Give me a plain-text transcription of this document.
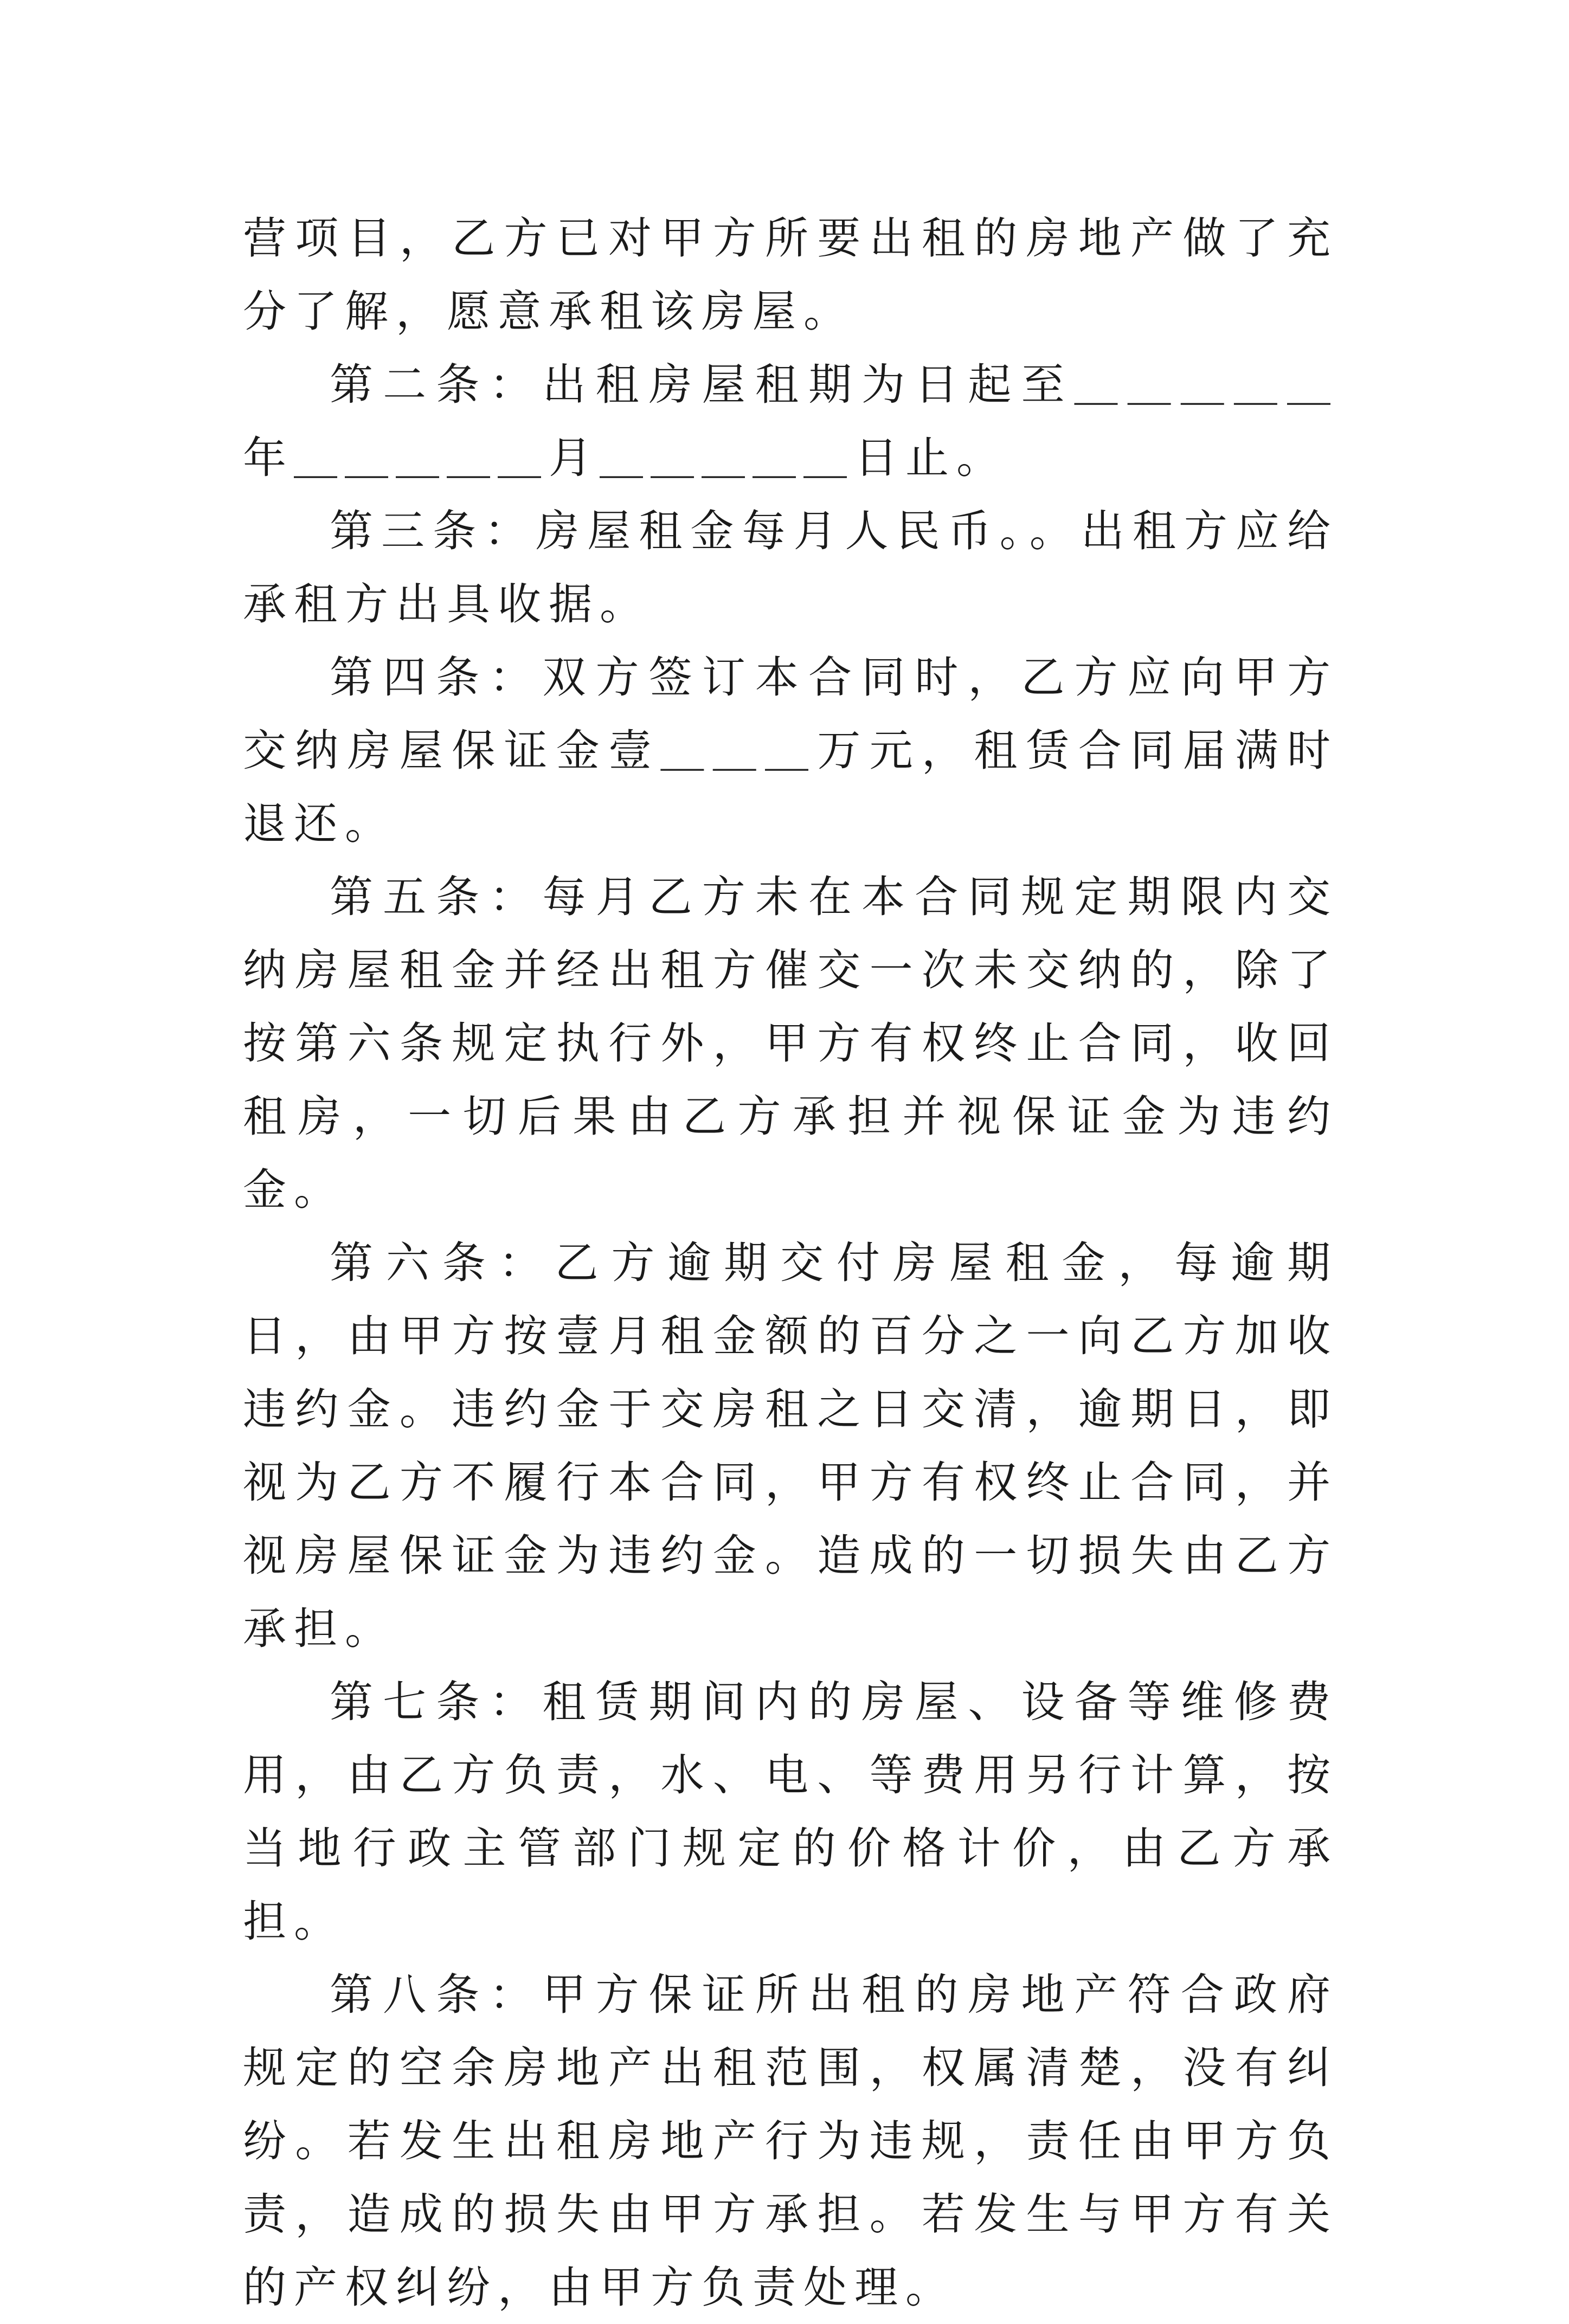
营项目，乙方已对甲方所要出租的房地产做了充分了解，愿意承租该房屋。

第二条：出租房屋租期为日起至＿＿＿＿＿年＿＿＿＿＿月＿＿＿＿＿日止。

第三条：房屋租金每月人民币。。出租方应给承租方出具收据。

第四条：双方签订本合同时，乙方应向甲方交纳房屋保证金壹＿＿＿万元，租赁合同届满时退还。

第五条：每月乙方未在本合同规定期限内交纳房屋租金并经出租方催交一次未交纳的，除了按第六条规定执行外，甲方有权终止合同，收回租房，一切后果由乙方承担并视保证金为违约金。

第六条：乙方逾期交付房屋租金，每逾期日，由甲方按壹月租金额的百分之一向乙方加收违约金。违约金于交房租之日交清，逾期日，即视为乙方不履行本合同，甲方有权终止合同，并视房屋保证金为违约金。造成的一切损失由乙方承担。

第七条：租赁期间内的房屋、设备等维修费用，由乙方负责，水、电、等费用另行计算，按当地行政主管部门规定的价格计价，由乙方承担。

第八条：甲方保证所出租的房地产符合政府规定的空余房地产出租范围，权属清楚，没有纠纷。若发生出租房地产行为违规，责任由甲方负责，造成的损失由甲方承担。若发生与甲方有关的产权纠纷，由甲方负责处理。
